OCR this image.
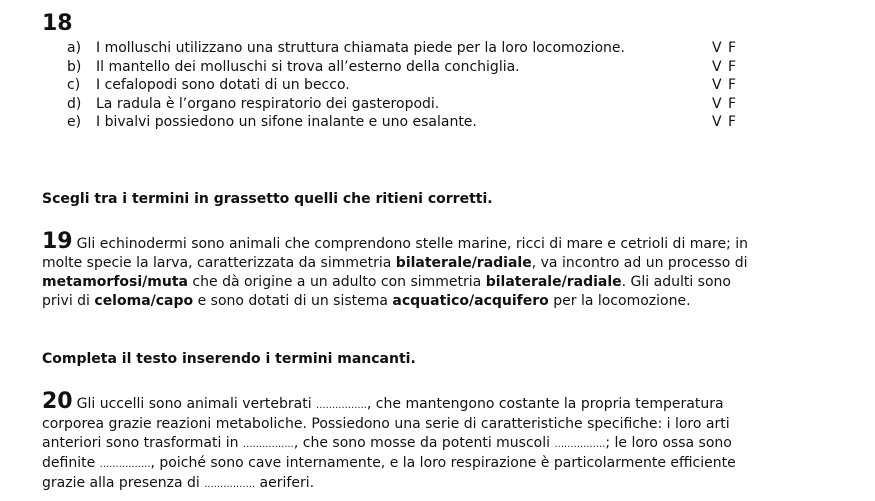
18
a) I molluschi utilizzano una struttura chiamata piede per la loro locomozione.	V F
b) Il mantello dei molluschi si trova all’esterno della conchiglia.	V F
c) I cefalopodi sono dotati di un becco.	V F
d) La radula è l’organo respiratorio dei gasteropodi.	V F
e) I bivalvi possiedono un sifone inalante e uno esalante.	V F
Scegli tra i termini in grassetto quelli che ritieni corretti.
19 Gli echinodermi sono animali che comprendono stelle marine, ricci di mare e cetrioli di mare; in
molte specie la larva, caratterizzata da simmetria bilaterale/radiale, va incontro ad un processo di
metamorfosi/muta che dà origine a un adulto con simmetria bilaterale/radiale. Gli adulti sono
privi di celoma/capo e sono dotati di un sistema acquatico/acquifero per la locomozione.
Completa il testo inserendo i termini mancanti.
20 Gli uccelli sono animali vertebrati ................, che mantengono costante la propria temperatura
corporea grazie reazioni metaboliche. Possiedono una serie di caratteristiche specifiche: i loro arti
anteriori sono trasformati in ................, che sono mosse da potenti muscoli ................; le loro ossa sono
definite ................, poiché sono cave internamente, e la loro respirazione è particolarmente efficiente
grazie alla presenza di ................ aeriferi.
